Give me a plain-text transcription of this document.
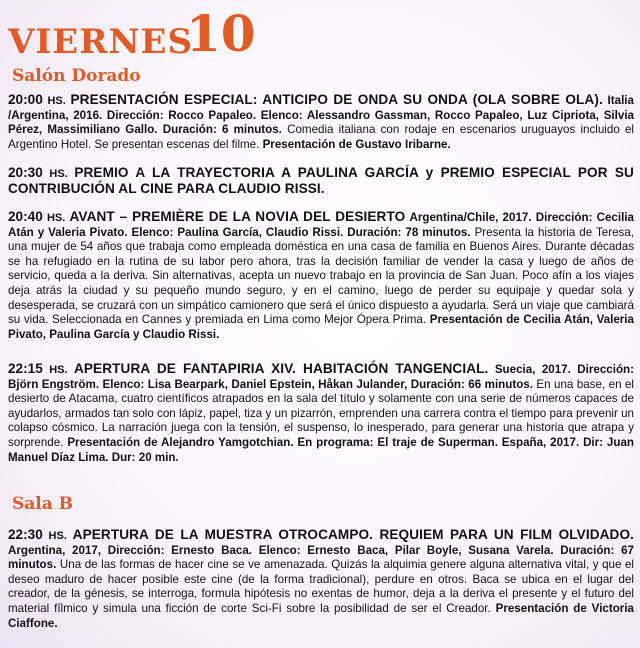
VIERNES
10
Salón Dorado
20:00 HS. PRESENTACIÓN ESPECIAL: ANTICIPO DE ONDA SU ONDA (OLA SOBRE OLA). Italia /Argentina, 2016. Dirección: Rocco Papaleo. Elenco: Alessandro Gassman, Rocco Papaleo, Luz Cipriota, Silvia Pérez, Massimiliano Gallo. Duración: 6 minutos. Comedia italiana con rodaje en escenarios uruguayos incluido el Argentino Hotel. Se presentan escenas del filme. Presentación de Gustavo Iribarne.
20:30 HS. PREMIO A LA TRAYECTORIA A PAULINA GARCÍA y PREMIO ESPECIAL POR SU CONTRIBUCIÓN AL CINE PARA CLAUDIO RISSI.
20:40 HS. AVANT – PREMIÈRE DE LA NOVIA DEL DESIERTO Argentina/Chile, 2017. Dirección: Cecilia Atán y Valeria Pivato. Elenco: Paulina García, Claudio Rissi. Duración: 78 minutos. Presenta la historia de Teresa, una mujer de 54 años que trabaja como empleada doméstica en una casa de familia en Buenos Aires. Durante décadas se ha refugiado en la rutina de su labor pero ahora, tras la decisión familiar de vender la casa y luego de años de servicio, queda a la deriva. Sin alternativas, acepta un nuevo trabajo en la provincia de San Juan. Poco afín a los viajes deja atrás la ciudad y su pequeño mundo seguro, y en el camino, luego de perder su equipaje y quedar sola y desesperada, se cruzará con un simpático camionero que será el único dispuesto a ayudarla. Será un viaje que cambiará su vida. Seleccionada en Cannes y premiada en Lima como Mejor Ópera Prima. Presentación de Cecilia Atán, Valeria Pivato, Paulina García y Claudio Rissi.
22:15 HS. APERTURA DE FANTAPIRIA XIV. HABITACIÓN TANGENCIAL. Suecia, 2017. Dirección: Björn Engström. Elenco: Lisa Bearpark, Daniel Epstein, Håkan Julander, Duración: 66 minutos. En una base, en el desierto de Atacama, cuatro científicos atrapados en la sala del título y solamente con una serie de números capaces de ayudarlos, armados tan solo con lápiz, papel, tiza y un pizarrón, emprenden una carrera contra el tiempo para prevenir un colapso cósmico. La narración juega con la tensión, el suspenso, lo inesperado, para generar una historia que atrapa y sorprende. Presentación de Alejandro Yamgotchian. En programa: El traje de Superman. España, 2017. Dir: Juan Manuel Díaz Lima. Dur: 20 min.
Sala B
22:30 HS. APERTURA DE LA MUESTRA OTROCAMPO. REQUIEM PARA UN FILM OLVIDADO. Argentina, 2017, Dirección: Ernesto Baca. Elenco: Ernesto Baca, Pilar Boyle, Susana Varela. Duración: 67 minutos. Una de las formas de hacer cine se ve amenazada. Quizás la alquimia genere alguna alternativa vital, y que el deseo maduro de hacer posible este cine (de la forma tradicional), perdure en otros. Baca se ubica en el lugar del creador, de la génesis, se interroga, formula hipótesis no exentas de humor, deja a la deriva el presente y el futuro del material fílmico y simula una ficción de corte Sci-Fi sobre la posibilidad de ser el Creador. Presentación de Victoria Ciaffone.
